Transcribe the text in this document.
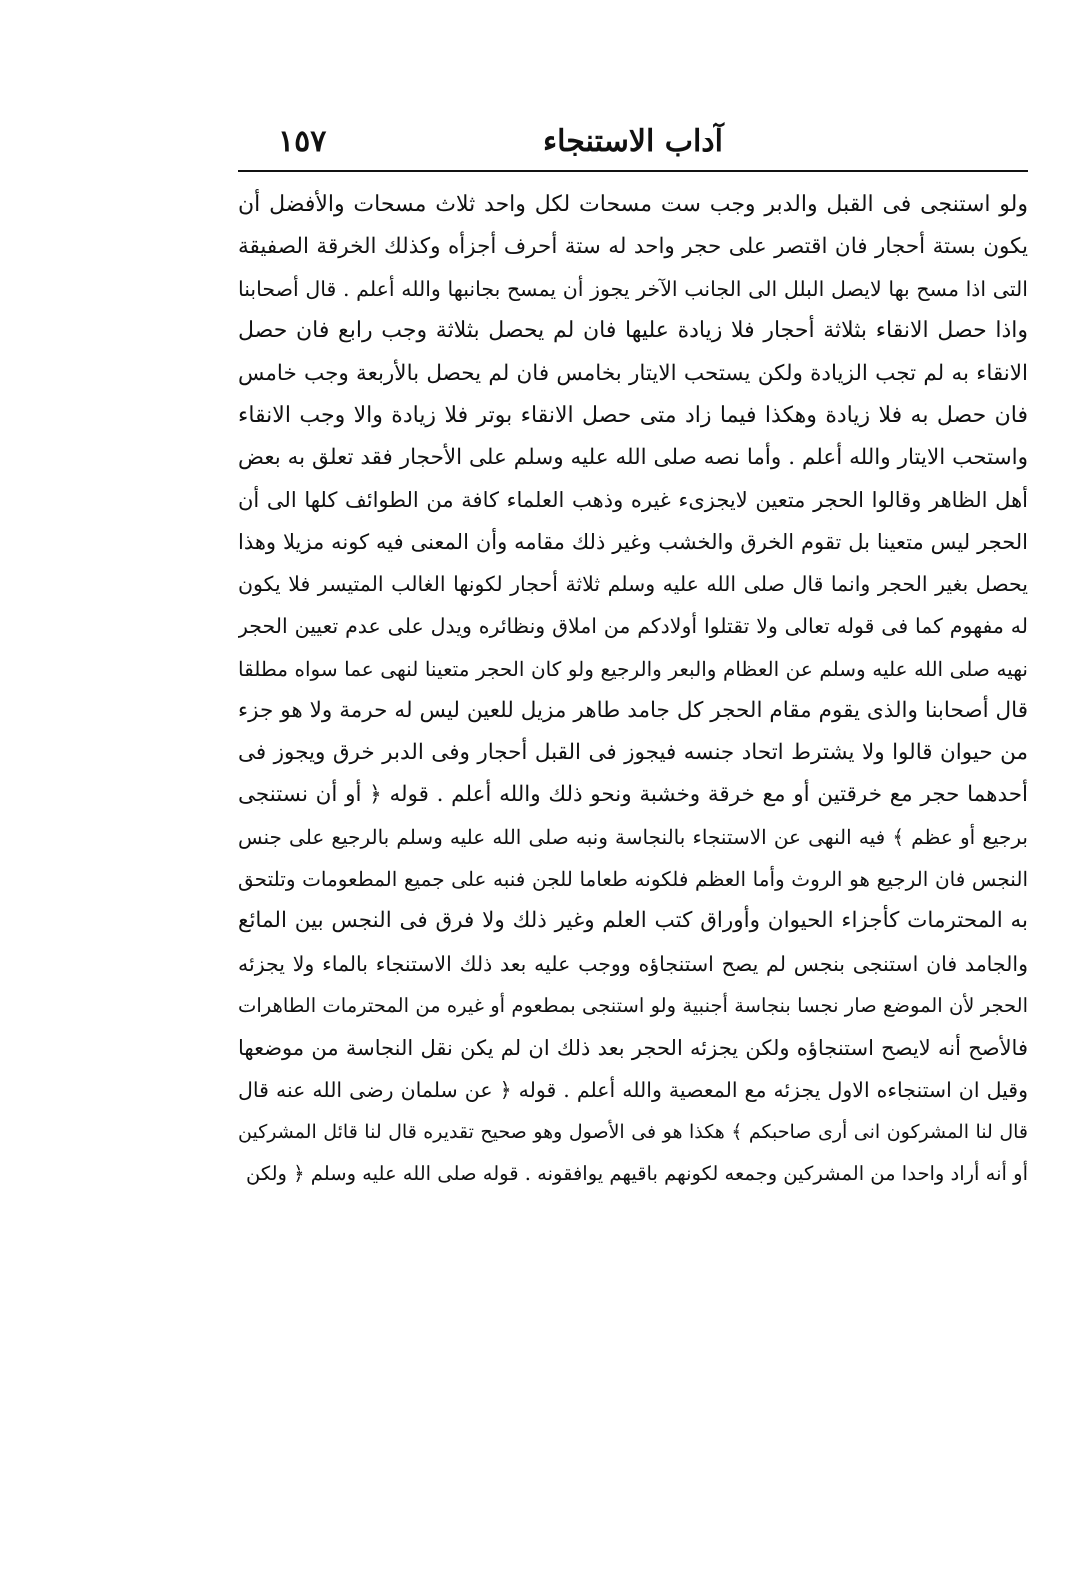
آداب الاستنجاء
١٥٧
ولو استنجى فى القبل والدبر وجب ست مسحات لكل واحد ثلاث مسحات والأفضل أن
يكون بستة أحجار فان اقتصر على حجر واحد له ستة أحرف أجزأه وكذلك الخرقة الصفيقة
التى اذا مسح بها لايصل البلل الى الجانب الآخر يجوز أن يمسح بجانبها والله أعلم . قال أصحابنا
واذا حصل الانقاء بثلاثة أحجار فلا زيادة عليها فان لم يحصل بثلاثة وجب رابع فان حصل
الانقاء به لم تجب الزيادة ولكن يستحب الايتار بخامس فان لم يحصل بالأربعة وجب خامس
فان حصل به فلا زيادة وهكذا فيما زاد متى حصل الانقاء بوتر فلا زيادة والا وجب الانقاء
واستحب الايتار والله أعلم . وأما نصه صلى الله عليه وسلم على الأحجار فقد تعلق به بعض
أهل الظاهر وقالوا الحجر متعين لايجزىء غيره وذهب العلماء كافة من الطوائف كلها الى أن
الحجر ليس متعينا بل تقوم الخرق والخشب وغير ذلك مقامه وأن المعنى فيه كونه مزيلا وهذا
يحصل بغير الحجر وانما قال صلى الله عليه وسلم ثلاثة أحجار لكونها الغالب المتيسر فلا يكون
له مفهوم كما فى قوله تعالى ولا تقتلوا أولادكم من املاق ونظائره ويدل على عدم تعيين الحجر
نهيه صلى الله عليه وسلم عن العظام والبعر والرجيع ولو كان الحجر متعينا لنهى عما سواه مطلقا
قال أصحابنا والذى يقوم مقام الحجر كل جامد طاهر مزيل للعين ليس له حرمة ولا هو جزء
من حيوان قالوا ولا يشترط اتحاد جنسه فيجوز فى القبل أحجار وفى الدبر خرق ويجوز فى
أحدهما حجر مع خرقتين أو مع خرقة وخشبة ونحو ذلك والله أعلم . قوله ﴿ أو أن نستنجى
برجيع أو عظم ﴾ فيه النهى عن الاستنجاء بالنجاسة ونبه صلى الله عليه وسلم بالرجيع على جنس
النجس فان الرجيع هو الروث وأما العظم فلكونه طعاما للجن فنبه على جميع المطعومات وتلتحق
به المحترمات كأجزاء الحيوان وأوراق كتب العلم وغير ذلك ولا فرق فى النجس بين المائع
والجامد فان استنجى بنجس لم يصح استنجاؤه ووجب عليه بعد ذلك الاستنجاء بالماء ولا يجزئه
الحجر لأن الموضع صار نجسا بنجاسة أجنبية ولو استنجى بمطعوم أو غيره من المحترمات الطاهرات
فالأصح أنه لايصح استنجاؤه ولكن يجزئه الحجر بعد ذلك ان لم يكن نقل النجاسة من موضعها
وقيل ان استنجاءه الاول يجزئه مع المعصية والله أعلم . قوله ﴿ عن سلمان رضى الله عنه قال
قال لنا المشركون انى أرى صاحبكم ﴾ هكذا هو فى الأصول وهو صحيح تقديره قال لنا قائل المشركين
أو أنه أراد واحدا من المشركين وجمعه لكونهم باقيهم يوافقونه . قوله صلى الله عليه وسلم ﴿ ولكن
